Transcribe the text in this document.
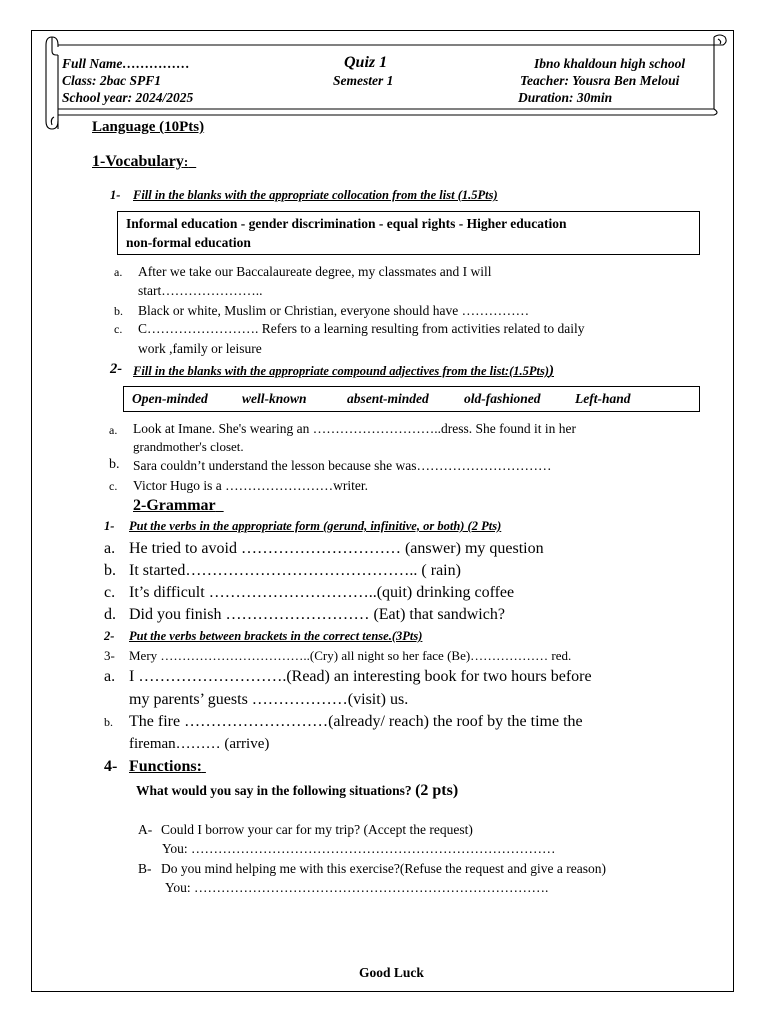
Full Name……………
Class: 2bac SPF1
School year: 2024/2025
Quiz 1
Semester 1
Ibno khaldoun high school
Teacher: Yousra Ben Meloui
Duration: 30min
Language (10Pts)
1-Vocabulary:
1- Fill in the blanks with the appropriate collocation from the list (1.5Pts)
Informal education - gender discrimination - equal rights - Higher education
non-formal education
a. After we take our Baccalaureate degree, my classmates and I will
start…………………..
b. Black or white, Muslim or Christian, everyone should have ……………
c. C……………………. Refers to a learning resulting from activities related to daily
work ,family or leisure
2- Fill in the blanks with the appropriate compound adjectives from the list:(1.5Pts))
Open-minded	well-known	absent-minded	old-fashioned	Left-hand
a. Look at Imane. She's wearing an ………………………..dress. She found it in her
grandmother's closet.
b. Sara couldn’t understand the lesson because she was…………………………
c. Victor Hugo is a ……………………writer.
2-Grammar
1- Put the verbs in the appropriate form (gerund, infinitive, or both) (2 Pts)
a. He tried to avoid ………………………… (answer) my question
b. It started…………………………………….. ( rain)
c. It’s difficult …………………………..(quit) drinking coffee
d. Did you finish ……………………… (Eat) that sandwich?
2- Put the verbs between brackets in the correct tense.(3Pts)
3- Mery ……………………………..(Cry) all night so her face (Be)……………… red.
a. I ……………………….(Read) an interesting book for two hours before
my parents’ guests ………………(visit) us.
b. The fire ………………………(already/ reach) the roof by the time the
fireman……… (arrive)
4- Functions:
What would you say in the following situations? (2 pts)
A- Could I borrow your car for my trip? (Accept the request)
You: ………………………………………………………………………
B- Do you mind helping me with this exercise?(Refuse the request and give a reason)
You: …………………………………………………………………….
Good Luck
